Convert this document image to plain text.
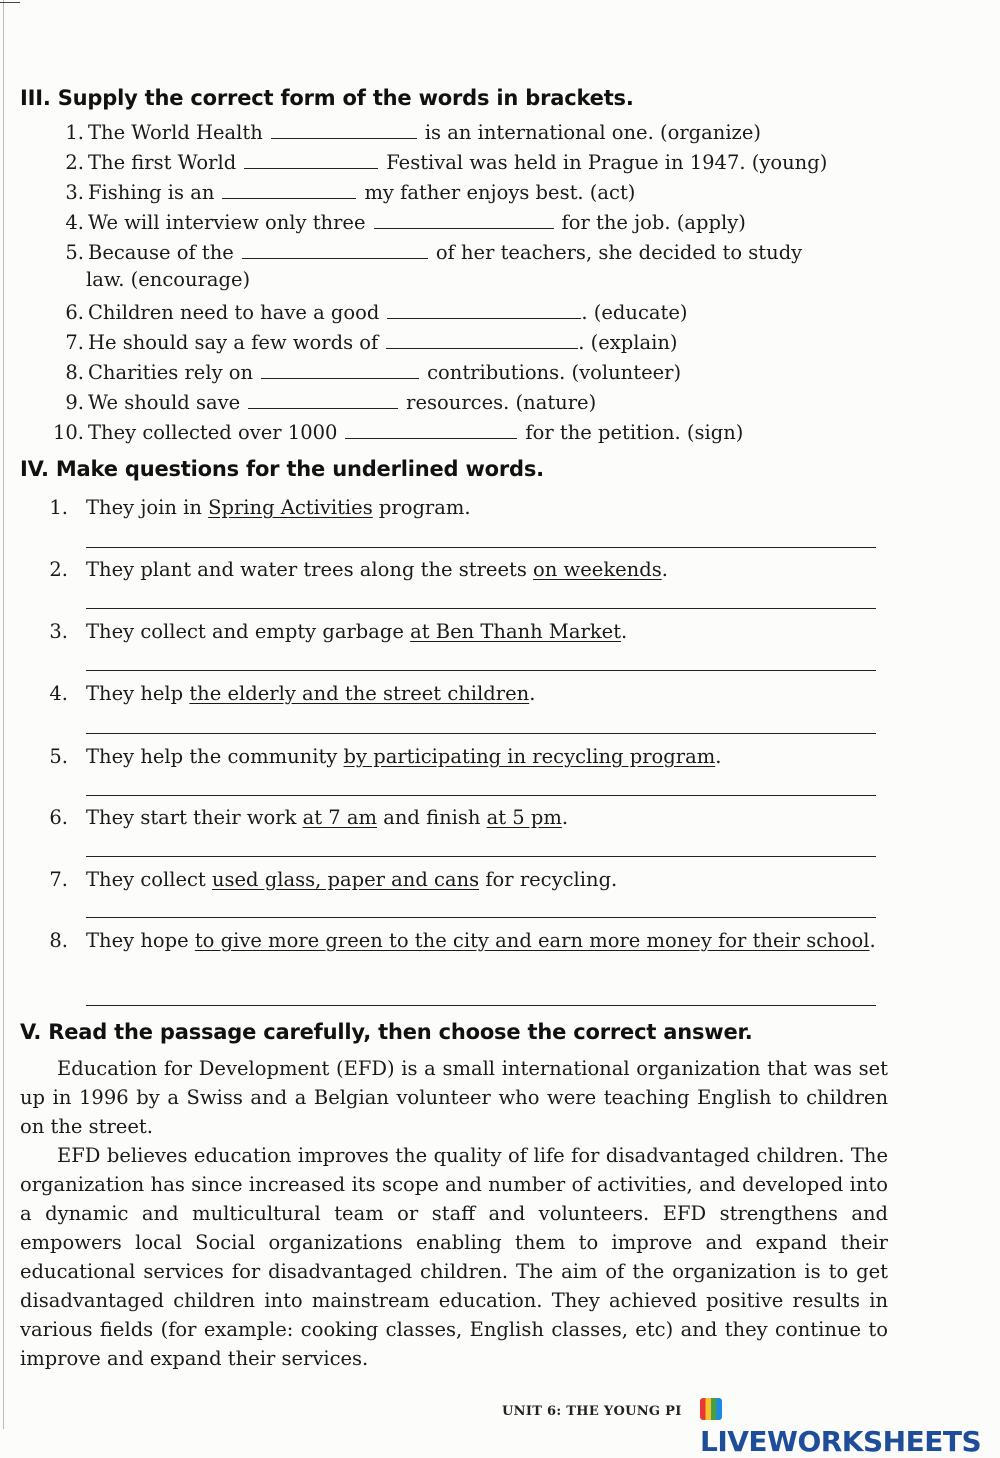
III. Supply the correct form of the words in brackets.
1. The World Health	is an international one. (organize)
2. The first World	Festival was held in Prague in 1947. (young)
3. Fishing is an	my father enjoys best. (act)
4. We will interview only three	for the job. (apply)
5. Because of the	of her teachers, she decided to study
law. (encourage)
6. Children need to have a good	. (educate)
7. He should say a few words of	. (explain)
8. Charities rely on	contributions. (volunteer)
9. We should save	resources. (nature)
10. They collected over 1000	for the petition. (sign)
IV. Make questions for the underlined words.
1. They join in Spring Activities program.
2. They plant and water trees along the streets on weekends.
3. They collect and empty garbage at Ben Thanh Market.
4. They help the elderly and the street children.
5. They help the community by participating in recycling program.
6. They start their work at 7 am and finish at 5 pm.
7. They collect used glass, paper and cans for recycling.
8. They hope to give more green to the city and earn more money for their school.
V. Read the passage carefully, then choose the correct answer.

Education for Development (EFD) is a small international organization that was set up in 1996 by a Swiss and a Belgian volunteer who were teaching English to children on the street.

EFD believes education improves the quality of life for disadvantaged children. The organization has since increased its scope and number of activities, and developed into a dynamic and multicultural team or staff and volunteers. EFD strengthens and empowers local Social organizations enabling them to improve and expand their educational services for disadvantaged children. The aim of the organization is to get disadvantaged children into mainstream education. They achieved positive results in various fields (for example: cooking classes, English classes, etc) and they continue to improve and expand their services.

UNIT 6: THE YOUNG PI
LIVEWORKSHEETS
